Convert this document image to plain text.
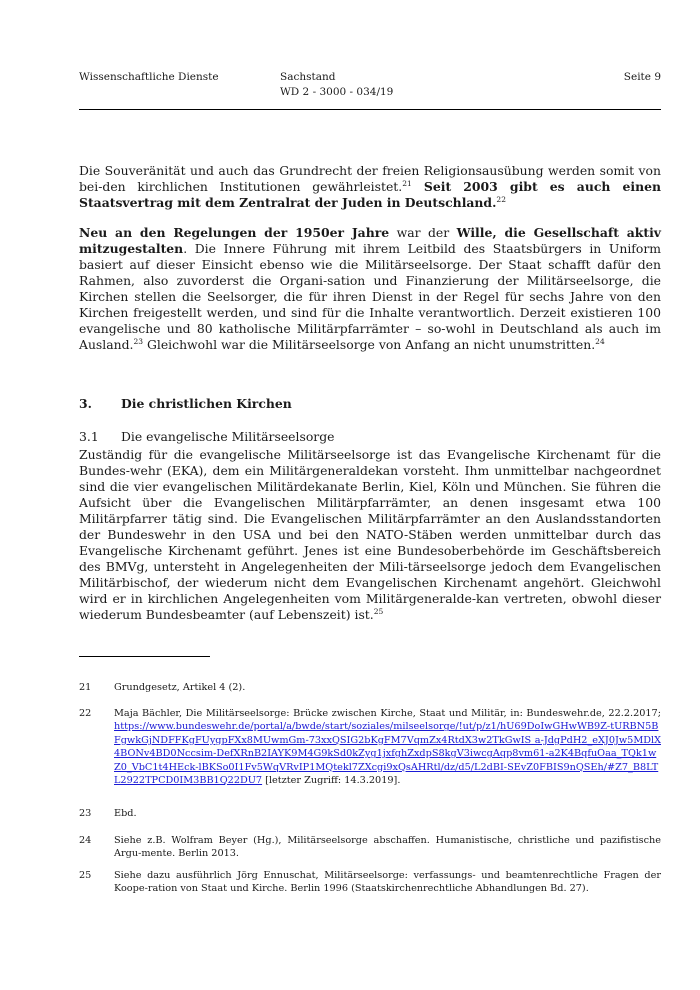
Wissenschaftliche Dienste	Sachstand
WD 2 - 3000 - 034/19
Seite 9

Die Souveränität und auch das Grundrecht der freien Religionsausübung werden somit von bei-den kirchlichen Institutionen gewährleistet.$^{21}$ Seit 2003 gibt es auch einen Staatsvertrag mit dem Zentralrat der Juden in Deutschland.$^{22}$

Neu an den Regelungen der 1950er Jahre war der Wille, die Gesellschaft aktiv mitzugestalten. Die Innere Führung mit ihrem Leitbild des Staatsbürgers in Uniform basiert auf dieser Einsicht ebenso wie die Militärseelsorge. Der Staat schafft dafür den Rahmen, also zuvorderst die Organi-sation und Finanzierung der Militärseelsorge, die Kirchen stellen die Seelsorger, die für ihren Dienst in der Regel für sechs Jahre von den Kirchen freigestellt werden, und sind für die Inhalte verantwortlich. Derzeit existieren 100 evangelische und 80 katholische Militärpfarrämter – so-wohl in Deutschland als auch im Ausland.$^{23}$ Gleichwohl war die Militärseelsorge von Anfang an nicht unumstritten.$^{24}$

3. Die christlichen Kirchen
3.1 Die evangelische Militärseelsorge

Zuständig für die evangelische Militärseelsorge ist das Evangelische Kirchenamt für die Bundes-wehr (EKA), dem ein Militärgeneraldekan vorsteht. Ihm unmittelbar nachgeordnet sind die vier evangelischen Militärdekanate Berlin, Kiel, Köln und München. Sie führen die Aufsicht über die Evangelischen Militärpfarrämter, an denen insgesamt etwa 100 Militärpfarrer tätig sind. Die Evangelischen Militärpfarrämter an den Auslandsstandorten der Bundeswehr in den USA und bei den NATO-Stäben werden unmittelbar durch das Evangelische Kirchenamt geführt. Jenes ist eine Bundesoberbehörde im Geschäftsbereich des BMVg, untersteht in Angelegenheiten der Mili-tärseelsorge jedoch dem Evangelischen Militärbischof, der wiederum nicht dem Evangelischen Kirchenamt angehört. Gleichwohl wird er in kirchlichen Angelegenheiten vom Militärgeneralde-kan vertreten, obwohl dieser wiederum Bundesbeamter (auf Lebenszeit) ist.$^{25}$

21 Grundgesetz, Artikel 4 (2).
22 Maja Bächler, Die Militärseelsorge: Brücke zwischen Kirche, Staat und Militär, in: Bundeswehr.de, 22.2.2017; https://www.bundeswehr.de/portal/a/bwde/start/soziales/milseelsorge/!ut/p/z1/hU69DoIwGHwWB9Z-tURBN5BFgwkGjNDFFKgFUygpFXx8MUwmGm-73xxQSIG2bKgFM7VqmZx4RtdX3w2TkGwIS a-JdgPdH2_eXJ0Jw5MDlX4BONv4BD0Nccsim-DefXRnB2IAYK9M4G9kSd0kZyg1jxfghZxdpS8kgV3iwcgAqp8vm61-a2K4BqfuOaa_TQk1wZ0_VbC1t4HEck-lBKSo0I1Fv5WqVRvIP1MQtekl7ZXcgi9xQsAHRtl/dz/d5/L2dBI-SEvZ0FBIS9nQSEh/#Z7_B8LTL2922TPCD0IM3BB1Q22DU7 [letzter Zugriff: 14.3.2019].
23 Ebd.
24 Siehe z.B. Wolfram Beyer (Hg.), Militärseelsorge abschaffen. Humanistische, christliche und pazifistische Argu-mente. Berlin 2013.
25 Siehe dazu ausführlich Jörg Ennuschat, Militärseelsorge: verfassungs- und beamtenrechtliche Fragen der Koope-ration von Staat und Kirche. Berlin 1996 (Staatskirchenrechtliche Abhandlungen Bd. 27).
